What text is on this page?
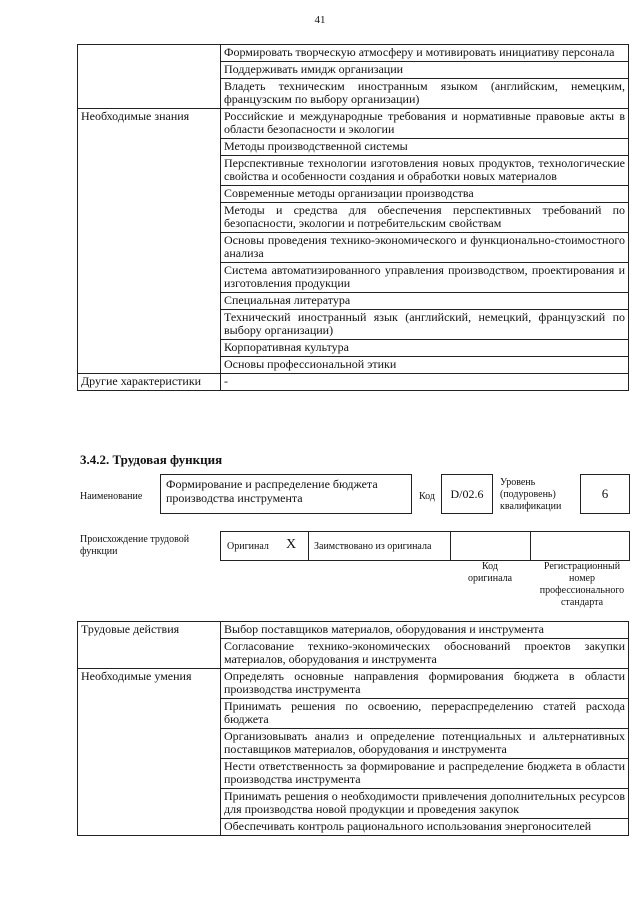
41
	Формировать творческую атмосферу и мотивировать инициативу персонала
	Поддерживать имидж организации
	Владеть техническим иностранным языком (английским, немецким, французским по выбору организации)
Необходимые знания	Российские и международные требования и нормативные правовые акты в области безопасности и экологии
	Методы производственной системы
	Перспективные технологии изготовления новых продуктов, технологические свойства и особенности создания и обработки новых материалов
	Современные методы организации производства
	Методы и средства для обеспечения перспективных требований по безопасности, экологии и потребительским свойствам
	Основы проведения технико-экономического и функционально-стоимостного анализа
	Система автоматизированного управления производством, проектирования и изготовления продукции
	Специальная литература
	Технический иностранный язык (английский, немецкий, французский по выбору организации)
	Корпоративная культура
	Основы профессиональной этики
Другие характеристики	-
3.4.2. Трудовая функция
Наименование
Формирование и распределение бюджета производства инструмента	Код	D/02.6
Уровень (подуровень) квалификации
6
Происхождение трудовой функции	Оригинал X Заимствовано из оригинала
Код оригинала
Регистрационный номер профессионального стандарта
Трудовые действия	Выбор поставщиков материалов, оборудования и инструмента
	Согласование технико-экономических обоснований проектов закупки материалов, оборудования и инструмента
Необходимые умения	Определять основные направления формирования бюджета в области производства инструмента
	Принимать решения по освоению, перераспределению статей расхода бюджета
	Организовывать анализ и определение потенциальных и альтернативных поставщиков материалов, оборудования и инструмента
	Нести ответственность за формирование и распределение бюджета в области производства инструмента
	Принимать решения о необходимости привлечения дополнительных ресурсов для производства новой продукции и проведения закупок
	Обеспечивать контроль рационального использования энергоносителей
